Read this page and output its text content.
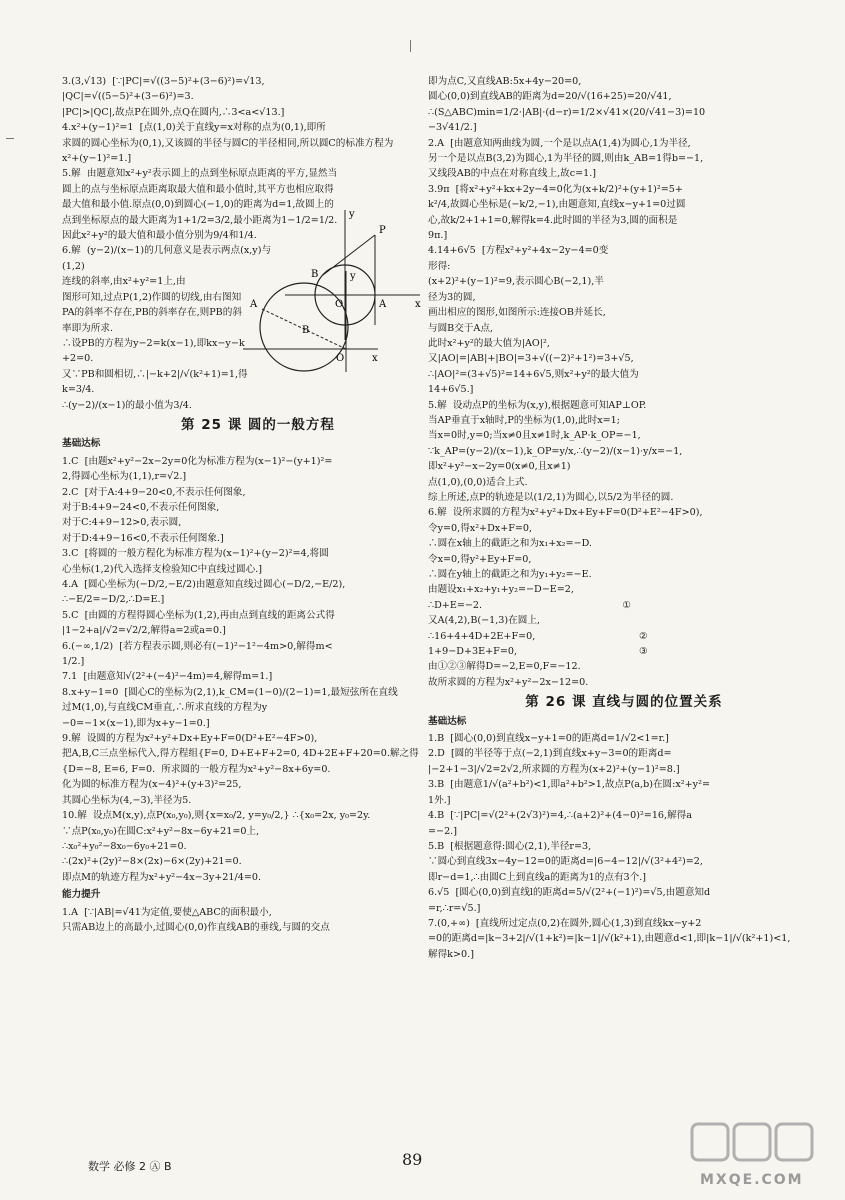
3.(3,√13)  [∵|PC|=√((3−5)²+(3−6)²)=√13,
|QC|=√((5−5)²+(3−6)²)=3.
|PC|>|QC|,故点P在圆外,点Q在圆内,∴3<a<√13.]
4.x²+(y−1)²=1  [点(1,0)关于直线y=x对称的点为(0,1),即所
求圆的圆心坐标为(0,1),又该圆的半径与圆C的半径相同,所以圆C的标准方程为
x²+(y−1)²=1.]
5.解  由题意知x²+y²表示圆上的点到坐标原点距离的平方,显然当
圆上的点与坐标原点距离取最大值和最小值时,其平方也相应取得
最大值和最小值.原点(0,0)到圆心(−1,0)的距离为d=1,故圆上的
点到坐标原点的最大距离为1+1/2=3/2,最小距离为1−1/2=1/2.
因此x²+y²的最大值和最小值分别为9/4和1/4.
6.解  (y−2)/(x−1)的几何意义是表示两点(x,y)与(1,2)
连线的斜率,由x²+y²=1上,由
图形可知,过点P(1,2)作圆的切线,由右图知
PA的斜率不存在,PB的斜率存在,则PB的斜
率即为所求.
∴设PB的方程为y−2=k(x−1),即kx−y−k
+2=0.
又∵PB和圆相切,∴|−k+2|/√(k²+1)=1,得k=3/4.
∴(y−2)/(x−1)的最小值为3/4.
第 25 课 圆的一般方程
基础达标
1.C  [由题x²+y²−2x−2y=0化为标准方程为(x−1)²−(y+1)²=
2,得圆心坐标为(1,1),r=√2.]
2.C  [对于A:4+9−20<0,不表示任何图象,
对于B:4+9−24<0,不表示任何图象,
对于C:4+9−12>0,表示圆,
对于D:4+9−16<0,不表示任何图象.]
3.C  [将圆的一般方程化为标准方程为(x−1)²+(y−2)²=4,将圆
心坐标(1,2)代入选择支检验知C中直线过圆心.]
4.A  [圆心坐标为(−D/2,−E/2)由题意知直线过圆心(−D/2,−E/2),
∴−E/2=−D/2,∴D=E.]
5.C  [由圆的方程得圆心坐标为(1,2),再由点到直线的距离公式得
|1−2+a|/√2=√2/2,解得a=2或a=0.]
6.(−∞,1/2)  [若方程表示圆,则必有(−1)²−1²−4m>0,解得m<
1/2.]
7.1  [由题意知√(2²+(−4)²−4m)=4,解得m=1.]
8.x+y−1=0  [圆心C的坐标为(2,1),k_CM=(1−0)/(2−1)=1,最短弦所在直线
过M(1,0),与直线CM垂直,∴所求直线的方程为y
−0=−1×(x−1),即为x+y−1=0.]
9.解  设圆的方程为x²+y²+Dx+Ey+F=0(D²+E²−4F>0),
把A,B,C三点坐标代入,得方程组{F=0, D+E+F+2=0, 4D+2E+F+20=0.解之得
{D=−8, E=6, F=0.  所求圆的一般方程为x²+y²−8x+6y=0.
化为圆的标准方程为(x−4)²+(y+3)²=25,
其圆心坐标为(4,−3),半径为5.
10.解  设点M(x,y),点P(x₀,y₀),则{x=x₀/2, y=y₀/2,} ∴{x₀=2x, y₀=2y.
∵点P(x₀,y₀)在圆C:x²+y²−8x−6y+21=0上,
∴x₀²+y₀²−8x₀−6y₀+21=0.
∴(2x)²+(2y)²−8×(2x)−6×(2y)+21=0.
即点M的轨迹方程为x²+y²−4x−3y+21/4=0.
能力提升
1.A  [∵|AB|=√41为定值,要使△ABC的面积最小,
只需AB边上的高最小,过圆心(0,0)作直线AB的垂线,与圆的交点
y
P
B
O	A	x
即为点C,又直线AB:5x+4y−20=0,
圆心(0,0)到直线AB的距离为d=20/√(16+25)=20/√41,
∴(S△ABC)min=1/2·|AB|·(d−r)=1/2×√41×(20/√41−3)=10
−3√41/2.]
2.A  [由题意知两曲线为圆,一个是以点A(1,4)为圆心,1为半径,
另一个是以点B(3,2)为圆心,1为半径的圆,则由k_AB=1得b=−1,
又线段AB的中点在对称直线上,故c=1.]
3.9π  [将x²+y²+kx+2y−4=0化为(x+k/2)²+(y+1)²=5+
k²/4,故圆心坐标是(−k/2,−1),由题意知,直线x−y+1=0过圆
心,故k/2+1+1=0,解得k=4.此时圆的半径为3,圆的面积是
9π.]
4.14+6√5  [方程x²+y²+4x−2y−4=0变
形得:
(x+2)²+(y−1)²=9,表示圆心B(−2,1),半
径为3的圆,
画出相应的图形,如图所示:连接OB并延长,
与圆B交于A点,
此时x²+y²的最大值为|AO|²,
又|AO|=|AB|+|BO|=3+√((−2)²+1²)=3+√5,
∴|AO|²=(3+√5)²=14+6√5,则x²+y²的最大值为14+6√5.]
5.解  设动点P的坐标为(x,y),根据题意可知AP⊥OP.
当AP垂直于x轴时,P的坐标为(1,0),此时x=1;
当x=0时,y=0;当x≠0且x≠1时,k_AP·k_OP=−1,
∵k_AP=(y−2)/(x−1),k_OP=y/x,∴(y−2)/(x−1)·y/x=−1,
即x²+y²−x−2y=0(x≠0,且x≠1)
点(1,0),(0,0)适合上式.
综上所述,点P的轨迹是以(1/2,1)为圆心,以5/2为半径的圆.
6.解  设所求圆的方程为x²+y²+Dx+Ey+F=0(D²+E²−4F>0),
令y=0,得x²+Dx+F=0,
∴圆在x轴上的截距之和为x₁+x₂=−D.
令x=0,得y²+Ey+F=0,
∴圆在y轴上的截距之和为y₁+y₂=−E.
由题设x₁+x₂+y₁+y₂=−D−E=2,
∴D+E=−2.                                              ①
又A(4,2),B(−1,3)在圆上,
∴16+4+4D+2E+F=0,                                  ②
1+9−D+3E+F=0,                                        ③
由①②③解得D=−2,E=0,F=−12.
故所求圆的方程为x²+y²−2x−12=0.
第 26 课 直线与圆的位置关系
基础达标
1.B  [圆心(0,0)到直线x−y+1=0的距离d=1/√2<1=r.]
2.D  [圆的半径等于点(−2,1)到直线x+y−3=0的距离d=
|−2+1−3|/√2=2√2,所求圆的方程为(x+2)²+(y−1)²=8.]
3.B  [由题意1/√(a²+b²)<1,即a²+b²>1,故点P(a,b)在圆:x²+y²=
1外.]
4.B  [∵|PC|=√(2²+(2√3)²)=4,∴(a+2)²+(4−0)²=16,解得a
=−2.]
5.B  [根据题意得:圆心(2,1),半径r=3,
∵圆心到直线3x−4y−12=0的距离d=|6−4−12|/√(3²+4²)=2,
即r−d=1,∴由圆C上到直线a的距离为1的点有3个.]
6.√5  [圆心(0,0)到直线l的距离d=5/√(2²+(−1)²)=√5,由题意知d
=r,∴r=√5.]
7.(0,+∞)  [直线所过定点(0,2)在圆外,圆心(1,3)到直线kx−y+2
=0的距离d=|k−3+2|/√(1+k²)=|k−1|/√(k²+1),由题意d<1,即|k−1|/√(k²+1)<1,
解得k>0.]
A
B
O	x
y
数学 必修 2 Ⓐ B	89
MXQE.COM
